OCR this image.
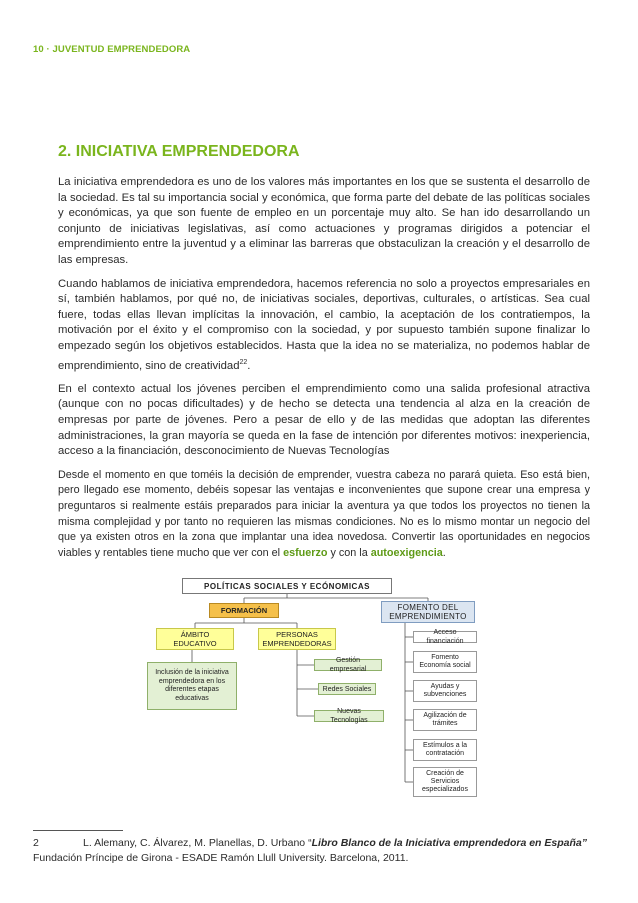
10 · JUVENTUD EMPRENDEDORA
2. INICIATIVA EMPRENDEDORA

La iniciativa emprendedora es uno de los valores más importantes en los que se sustenta el desarrollo de la sociedad. Es tal su importancia social y económica, que forma parte del debate de las políticas sociales y económicas, ya que son fuente de empleo en un porcentaje muy alto. Se han ido desarrollando un conjunto de iniciativas legislativas, así como actuaciones y programas dirigidos a potenciar el emprendimiento entre la juventud y a eliminar las barreras que obstaculizan la creación y el desarrollo de las empresas.

Cuando hablamos de iniciativa emprendedora, hacemos referencia no solo a proyectos empresariales en sí, también hablamos, por qué no, de iniciativas sociales, deportivas, culturales, o artísticas. Sea cual fuere, todas ellas llevan implícitas la innovación, el cambio, la aceptación de los contratiempos, la motivación por el éxito y el compromiso con la sociedad, y por supuesto también supone finalizar lo empezado según los objetivos establecidos. Hasta que la idea no se materializa, no podemos hablar de emprendimiento, sino de creatividad$^{22}$.

En el contexto actual los jóvenes perciben el emprendimiento como una salida profesional atractiva (aunque con no pocas dificultades) y de hecho se detecta una tendencia al alza en la creación de empresas por parte de jóvenes. Pero a pesar de ello y de las medidas que adoptan las diferentes administraciones, la gran mayoría se queda en la fase de intención por diferentes motivos: inexperiencia, acceso a la financiación, desconocimiento de Nuevas Tecnologías

Desde el momento en que toméis la decisión de emprender, vuestra cabeza no parará quieta. Eso está bien, pero llegado ese momento, debéis sopesar las ventajas e inconvenientes que supone crear una empresa y preguntaros si realmente estáis preparados para iniciar la aventura ya que todos los proyectos no tienen la misma complejidad y por tanto no requieren las mismas condiciones. No es lo mismo montar un negocio del que ya existen otros en la zona que implantar una idea novedosa. Convertir las oportunidades en negocios viables y rentables tiene mucho que ver con el esfuerzo y con la autoexigencia.

POLÍTICAS SOCIALES Y ECÓNOMICAS
FORMACIÓN	FOMENTO DEL EMPRENDIMIENTO
ÁMBITO EDUCATIVO
PERSONAS EMPRENDEDORAS
Inclusión de la iniciativa emprendedora en los diferentes etapas educativas
Gestión empresarial
Redes Sociales
Nuevas Tecnologías
Acceso financiación
Fomento Economía social
Ayudas y subvenciones
Agilización de trámites
Estímulos a la contratación
Creación de Servicios especializados
2	L. Alemany, C. Álvarez, M. Planellas, D. Urbano “Libro Blanco de la Iniciativa emprendedora en España” Fundación Príncipe de Girona - ESADE Ramón Llull University. Barcelona, 2011.
